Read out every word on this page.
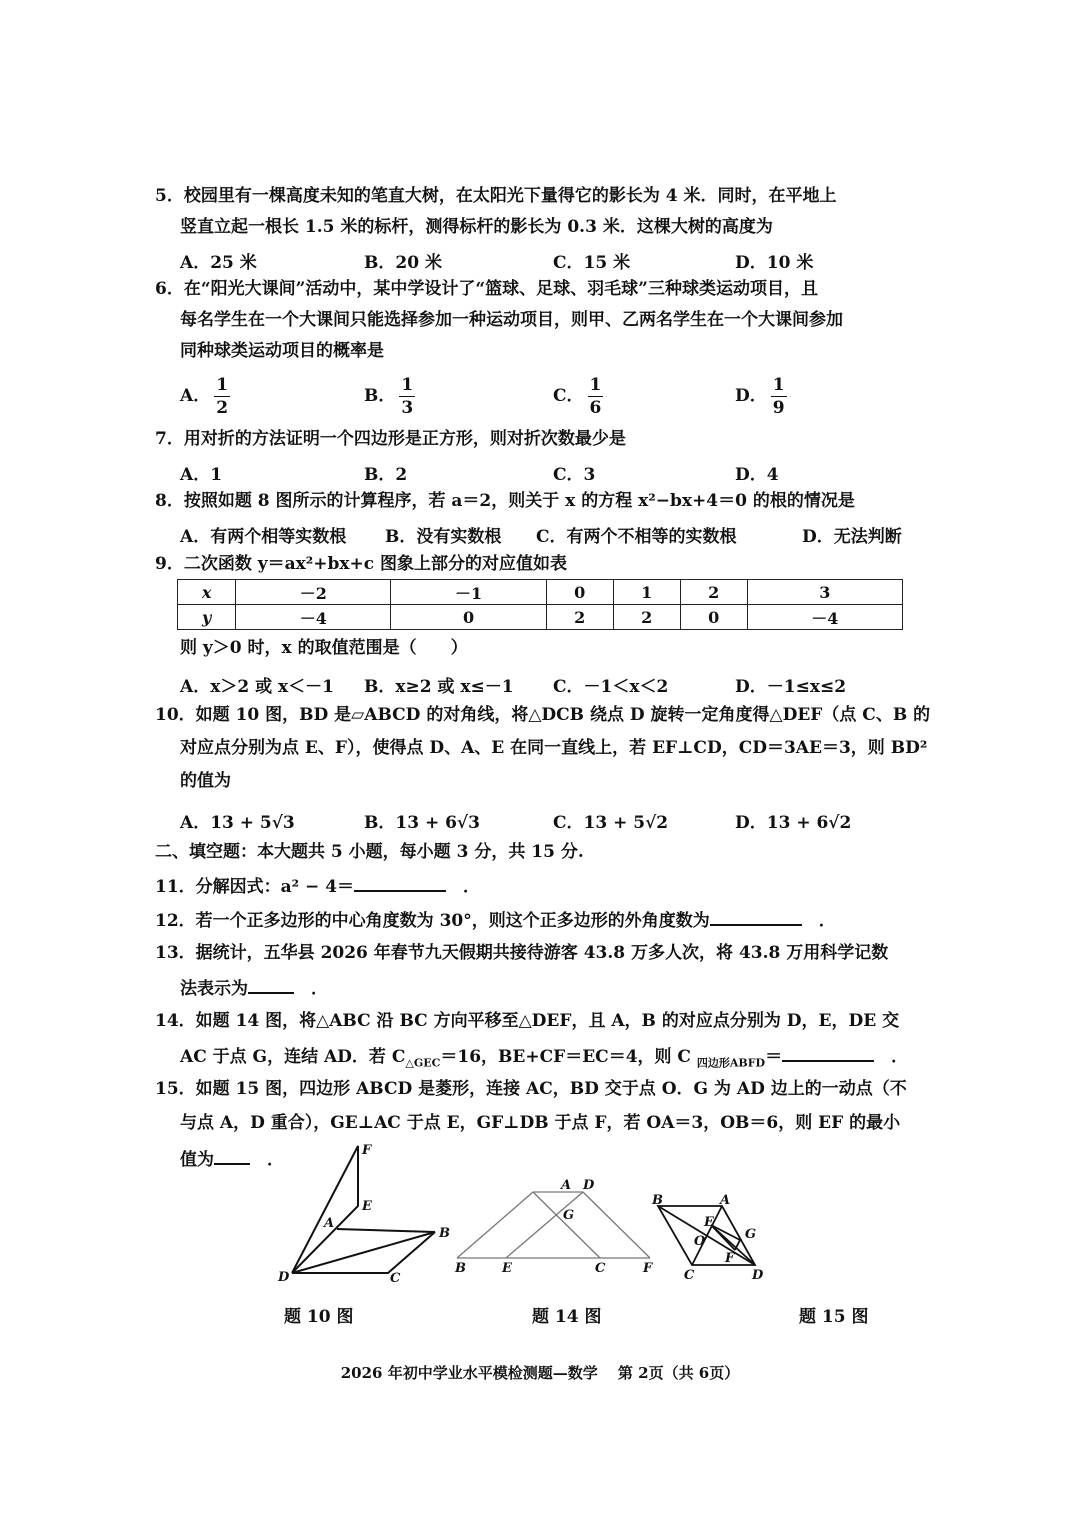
5．校园里有一棵高度未知的笔直大树，在太阳光下量得它的影长为 4 米．同时，在平地上
竖直立起一根长 1.5 米的标杆，测得标杆的影长为 0.3 米．这棵大树的高度为
A．25 米	B．20 米	C．15 米	D．10 米
6．在“阳光大课间”活动中，某中学设计了“篮球、足球、羽毛球”三种球类运动项目，且
每名学生在一个大课间只能选择参加一种运动项目，则甲、乙两名学生在一个大课间参加
同种球类运动项目的概率是
A． $\frac{1}{2}$	B． $\frac{1}{3}$	C． $\frac{1}{6}$	D． $\frac{1}{9}$
7．用对折的方法证明一个四边形是正方形，则对折次数最少是
A．1	B．2	C．3	D．4
8．按照如题 8 图所示的计算程序，若 a＝2，则关于 x 的方程 x²−bx+4＝0 的根的情况是
A．有两个相等实数根 B．没有实数根 C．有两个不相等的实数根	D．无法判断
9．二次函数 y＝ax²+bx+c 图象上部分的对应值如表
x	－2	－1	0	1	2	3
y	－4	0	2	2	0	－4
则 y＞0 时，x 的取值范围是（　　）
A．x＞2 或 x＜－1 B．x≥2 或 x≤－1 C．－1＜x＜2	D．－1≤x≤2
10．如题 10 图，BD 是▱ABCD 的对角线，将△DCB 绕点 D 旋转一定角度得△DEF（点 C、B 的
对应点分别为点 E、F），使得点 D、A、E 在同一直线上，若 EF⊥CD，CD＝3AE＝3，则 BD²
的值为
A．13 + 5√3	B．13 + 6√3	C．13 + 5√2	D．13 + 6√2
二、填空题：本大题共 5 小题，每小题 3 分，共 15 分.
11．分解因式：a² − 4＝　	．
12．若一个正多边形的中心角度数为 30°，则这个正多边形的外角度数为　	．
13．据统计，五华县 2026 年春节九天假期共接待游客 43.8 万多人次，将 43.8 万用科学记数
法表示为　	．
14．如题 14 图，将△ABC 沿 BC 方向平移至△DEF，且 A，B 的对应点分别为 D，E，DE 交
AC 于点 G，连结 AD．若 $C_{\triangle GEC}=16$，BE+CF＝EC＝4，则 C $_{四边形ABFD}$＝　	．
15．如题 15 图，四边形 ABCD 是菱形，连接 AC，BD 交于点 O．G 为 AD 边上的一动点（不
与点 A，D 重合），GE⊥AC 于点 E，GF⊥DB 于点 F，若 OA＝3，OB＝6，则 EF 的最小
值为　	．	F
E
A
B
D	C
A D
G
B	E	C	F
B	A
E
G
O
F
C	D
题 10 图	题 14 图	题 15 图
2026 年初中学业水平模检测题—数学　 第 2页（共 6页）
